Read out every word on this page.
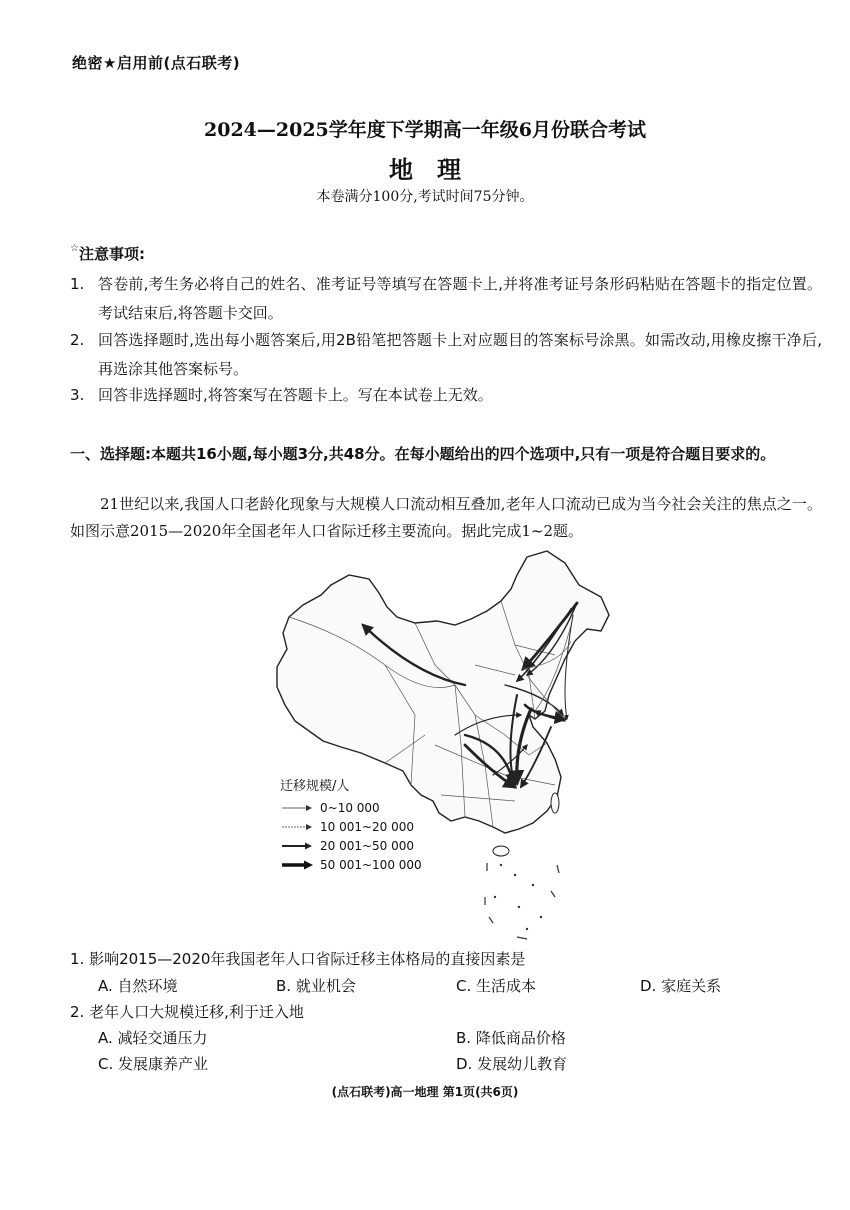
绝密★启用前(点石联考)
2024—2025学年度下学期高一年级6月份联合考试
地理
本卷满分100分,考试时间75分钟。
☆注意事项:
1. 答卷前,考生务必将自己的姓名、准考证号等填写在答题卡上,并将准考证号条形码粘贴在答题卡的指定位置。考试结束后,将答题卡交回。
2. 回答选择题时,选出每小题答案后,用2B铅笔把答题卡上对应题目的答案标号涂黑。如需改动,用橡皮擦干净后,再选涂其他答案标号。
3. 回答非选择题时,将答案写在答题卡上。写在本试卷上无效。
一、选择题:本题共16小题,每小题3分,共48分。在每小题给出的四个选项中,只有一项是符合题目要求的。
21世纪以来,我国人口老龄化现象与大规模人口流动相互叠加,老年人口流动已成为当今社会关注的焦点之一。如图示意2015—2020年全国老年人口省际迁移主要流向。据此完成1~2题。
迁移规模/人
0~10 000
10 001~20 000
20 001~50 000
50 001~100 000
1. 影响2015—2020年我国老年人口省际迁移主体格局的直接因素是
A. 自然环境	B. 就业机会	C. 生活成本	D. 家庭关系
2. 老年人口大规模迁移,利于迁入地
A. 减轻交通压力	B. 降低商品价格
C. 发展康养产业	D. 发展幼儿教育
(点石联考)高一地理 第1页(共6页)
